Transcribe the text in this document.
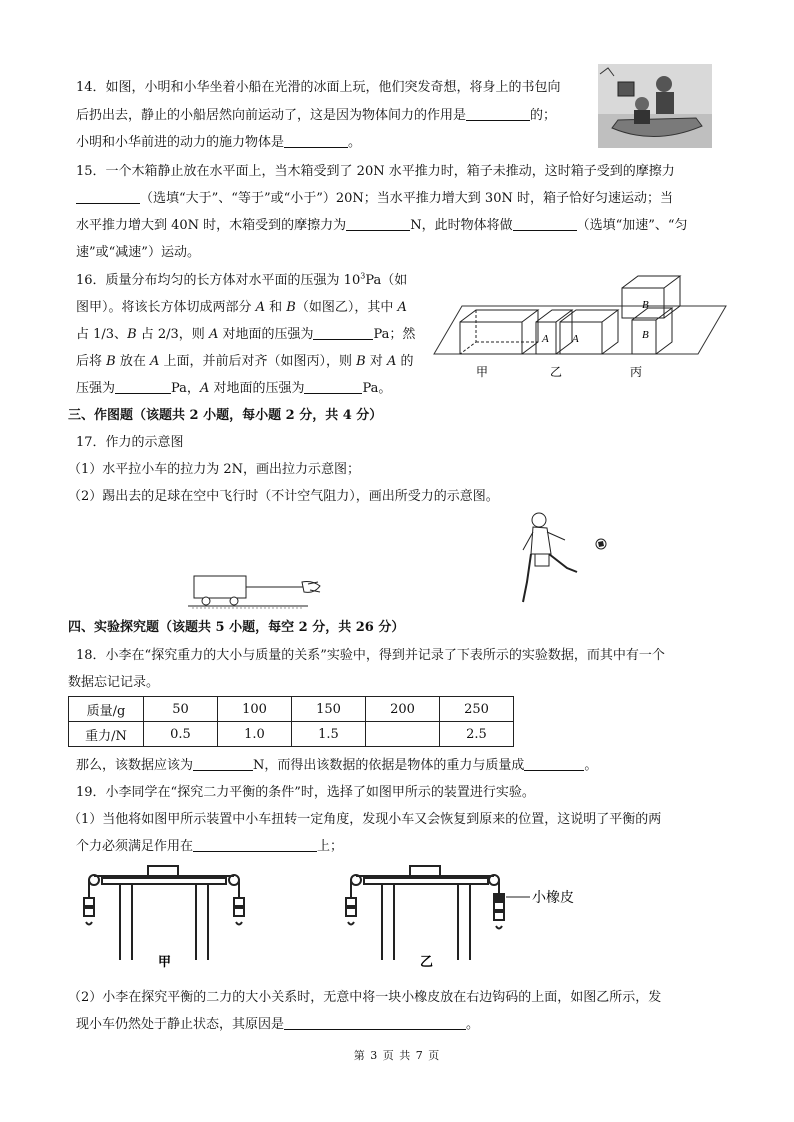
14．如图，小明和小华坐着小船在光滑的冰面上玩，他们突发奇想，将身上的书包向
后扔出去，静止的小船居然向前运动了，这是因为物体间力的作用是	的；
小明和小华前进的动力的施力物体是	。
15．一个木箱静止放在水平面上，当木箱受到了 20N 水平推力时，箱子未推动，这时箱子受到的摩擦力
（选填“大于”、“等于”或“小于”）20N；当水平推力增大到 30N 时，箱子恰好匀速运动；当
水平推力增大到 40N 时，木箱受到的摩擦力为	N，此时物体将做	（选填“加速”、“匀
速”或“减速”）运动。
16．质量分布均匀的长方体对水平面的压强为 $10^3Pa$（如
图甲）。将该长方体切成两部分 A 和 B（如图乙），其中 A
占 1/3、B 占 2/3，则 A 对地面的压强为	Pa；然
后将 B 放在 A 上面，并前后对齐（如图丙），则 B 对 A 的
压强为	Pa，A 对地面的压强为	Pa。
A A
B
B
甲	乙	丙
三、作图题（该题共 2 小题，每小题 2 分，共 4 分）
17．作力的示意图
（1）水平拉小车的拉力为 2N，画出拉力示意图；
（2）踢出去的足球在空中飞行时（不计空气阻力），画出所受力的示意图。
四、实验探究题（该题共 5 小题，每空 2 分，共 26 分）
18．小李在“探究重力的大小与质量的关系”实验中，得到并记录了下表所示的实验数据，而其中有一个
数据忘记记录。
质量/g	50	100	150	200	250
重力/N	0.5	1.0	1.5		2.5
那么，该数据应该为	N，而得出该数据的依据是物体的重力与质量成	。
19．小李同学在“探究二力平衡的条件”时，选择了如图甲所示的装置进行实验。
（1）当他将如图甲所示装置中小车扭转一定角度，发现小车又会恢复到原来的位置，这说明了平衡的两
个力必须满足作用在	上；
甲	乙
小橡皮
（2）小李在探究平衡的二力的大小关系时，无意中将一块小橡皮放在右边钩码的上面，如图乙所示，发
现小车仍然处于静止状态，其原因是	。
第 3 页 共 7 页
